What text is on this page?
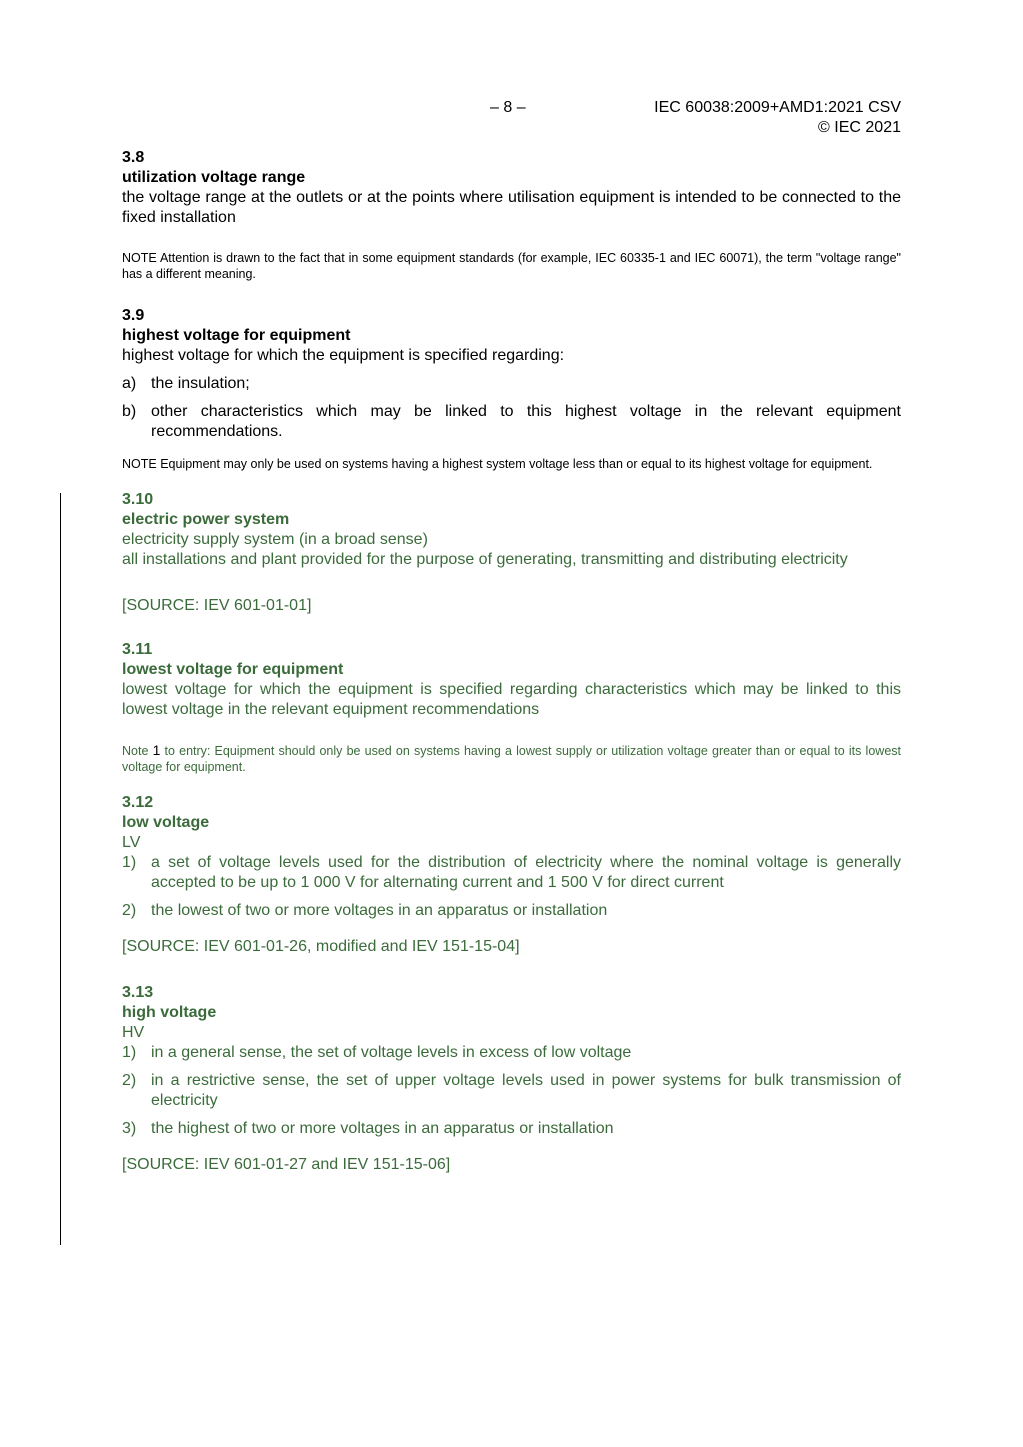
– 8 –	IEC 60038:2009+AMD1:2021 CSV
© IEC 2021
3.8
utilization voltage range
the voltage range at the outlets or at the points where utilisation equipment is intended to be connected to the fixed installation
NOTE Attention is drawn to the fact that in some equipment standards (for example, IEC 60335-1 and IEC 60071), the term "voltage range" has a different meaning.
3.9
highest voltage for equipment
highest voltage for which the equipment is specified regarding:
a) the insulation;
b) other characteristics which may be linked to this highest voltage in the relevant equipment recommendations.
NOTE Equipment may only be used on systems having a highest system voltage less than or equal to its highest voltage for equipment.
3.10
electric power system
electricity supply system (in a broad sense)
all installations and plant provided for the purpose of generating, transmitting and distributing electricity
[SOURCE: IEV 601-01-01]
3.11
lowest voltage for equipment
lowest voltage for which the equipment is specified regarding characteristics which may be linked to this lowest voltage in the relevant equipment recommendations
Note 1 to entry: Equipment should only be used on systems having a lowest supply or utilization voltage greater than or equal to its lowest voltage for equipment.
3.12
low voltage
LV
1) a set of voltage levels used for the distribution of electricity where the nominal voltage is generally accepted to be up to 1 000 V for alternating current and 1 500 V for direct current
2) the lowest of two or more voltages in an apparatus or installation
[SOURCE: IEV 601-01-26, modified and IEV 151-15-04]
3.13
high voltage
HV
1) in a general sense, the set of voltage levels in excess of low voltage
2) in a restrictive sense, the set of upper voltage levels used in power systems for bulk transmission of electricity
3) the highest of two or more voltages in an apparatus or installation
[SOURCE: IEV 601-01-27 and IEV 151-15-06]
